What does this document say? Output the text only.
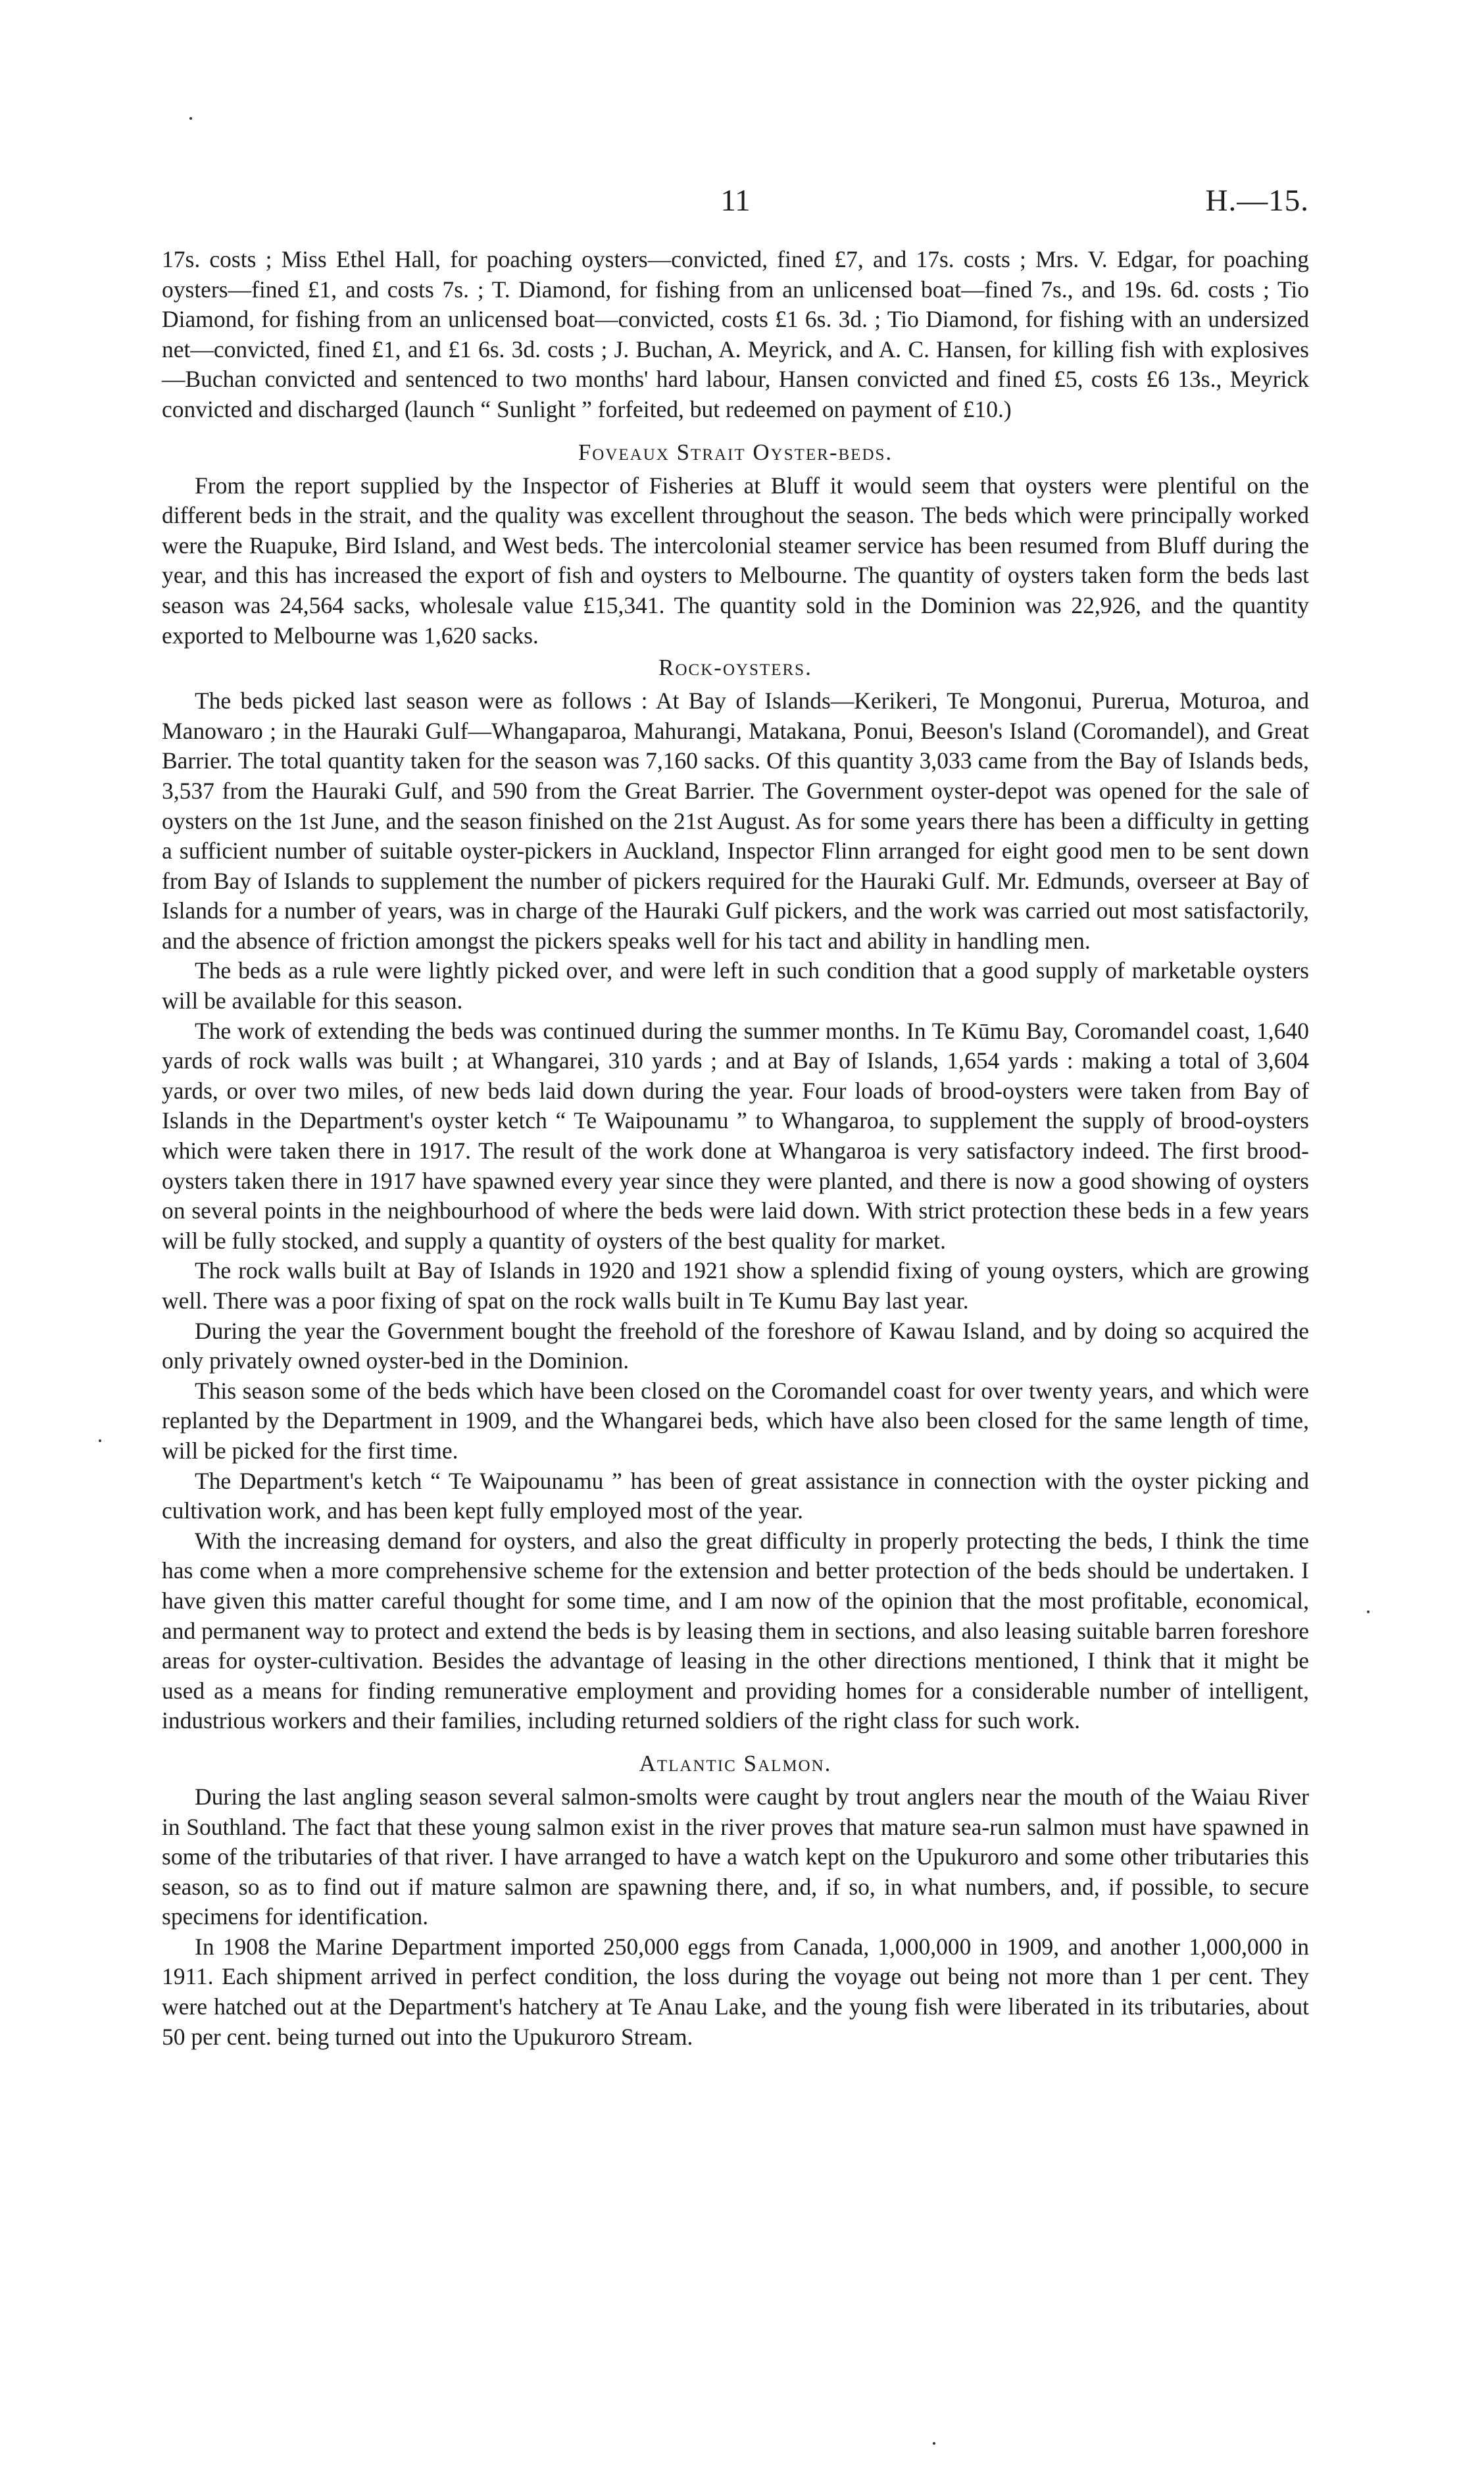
11	H.—15.

17s. costs ; Miss Ethel Hall, for poaching oysters—convicted, fined £7, and 17s. costs ; Mrs. V. Edgar, for poaching oysters—fined £1, and costs 7s. ; T. Diamond, for fishing from an unlicensed boat—fined 7s., and 19s. 6d. costs ; Tio Diamond, for fishing from an unlicensed boat—convicted, costs £1 6s. 3d. ; Tio Diamond, for fishing with an undersized net—convicted, fined £1, and £1 6s. 3d. costs ; J. Buchan, A. Meyrick, and A. C. Hansen, for killing fish with explosives—Buchan convicted and sentenced to two months' hard labour, Hansen convicted and fined £5, costs £6 13s., Meyrick convicted and discharged (launch “ Sunlight ” forfeited, but redeemed on payment of £10.)

Foveaux Strait Oyster-beds.

From the report supplied by the Inspector of Fisheries at Bluff it would seem that oysters were plentiful on the different beds in the strait, and the quality was excellent throughout the season. The beds which were principally worked were the Ruapuke, Bird Island, and West beds. The intercolonial steamer service has been resumed from Bluff during the year, and this has increased the export of fish and oysters to Melbourne. The quantity of oysters taken form the beds last season was 24,564 sacks, wholesale value £15,341. The quantity sold in the Dominion was 22,926, and the quantity exported to Melbourne was 1,620 sacks.

Rock-oysters.

The beds picked last season were as follows : At Bay of Islands—Kerikeri, Te Mongonui, Purerua, Moturoa, and Manowaro ; in the Hauraki Gulf—Whangaparoa, Mahurangi, Matakana, Ponui, Beeson's Island (Coromandel), and Great Barrier. The total quantity taken for the season was 7,160 sacks. Of this quantity 3,033 came from the Bay of Islands beds, 3,537 from the Hauraki Gulf, and 590 from the Great Barrier. The Government oyster-depot was opened for the sale of oysters on the 1st June, and the season finished on the 21st August. As for some years there has been a difficulty in getting a sufficient number of suitable oyster-pickers in Auckland, Inspector Flinn arranged for eight good men to be sent down from Bay of Islands to supplement the number of pickers required for the Hauraki Gulf. Mr. Edmunds, overseer at Bay of Islands for a number of years, was in charge of the Hauraki Gulf pickers, and the work was carried out most satisfactorily, and the absence of friction amongst the pickers speaks well for his tact and ability in handling men.

The beds as a rule were lightly picked over, and were left in such condition that a good supply of marketable oysters will be available for this season.

The work of extending the beds was continued during the summer months. In Te Kūmu Bay, Coromandel coast, 1,640 yards of rock walls was built ; at Whangarei, 310 yards ; and at Bay of Islands, 1,654 yards : making a total of 3,604 yards, or over two miles, of new beds laid down during the year. Four loads of brood-oysters were taken from Bay of Islands in the Department's oyster ketch “ Te Waipounamu ” to Whangaroa, to supplement the supply of brood-oysters which were taken there in 1917. The result of the work done at Whangaroa is very satisfactory indeed. The first brood-oysters taken there in 1917 have spawned every year since they were planted, and there is now a good showing of oysters on several points in the neighbourhood of where the beds were laid down. With strict protection these beds in a few years will be fully stocked, and supply a quantity of oysters of the best quality for market.

The rock walls built at Bay of Islands in 1920 and 1921 show a splendid fixing of young oysters, which are growing well. There was a poor fixing of spat on the rock walls built in Te Kumu Bay last year.

During the year the Government bought the freehold of the foreshore of Kawau Island, and by doing so acquired the only privately owned oyster-bed in the Dominion.

This season some of the beds which have been closed on the Coromandel coast for over twenty years, and which were replanted by the Department in 1909, and the Whangarei beds, which have also been closed for the same length of time, will be picked for the first time.

The Department's ketch “ Te Waipounamu ” has been of great assistance in connection with the oyster picking and cultivation work, and has been kept fully employed most of the year.

With the increasing demand for oysters, and also the great difficulty in properly protecting the beds, I think the time has come when a more comprehensive scheme for the extension and better protection of the beds should be undertaken. I have given this matter careful thought for some time, and I am now of the opinion that the most profitable, economical, and permanent way to protect and extend the beds is by leasing them in sections, and also leasing suitable barren foreshore areas for oyster-cultivation. Besides the advantage of leasing in the other directions mentioned, I think that it might be used as a means for finding remunerative employment and providing homes for a considerable number of intelligent, industrious workers and their families, including returned soldiers of the right class for such work.

Atlantic Salmon.

During the last angling season several salmon-smolts were caught by trout anglers near the mouth of the Waiau River in Southland. The fact that these young salmon exist in the river proves that mature sea-run salmon must have spawned in some of the tributaries of that river. I have arranged to have a watch kept on the Upukuroro and some other tributaries this season, so as to find out if mature salmon are spawning there, and, if so, in what numbers, and, if possible, to secure specimens for identification.

In 1908 the Marine Department imported 250,000 eggs from Canada, 1,000,000 in 1909, and another 1,000,000 in 1911. Each shipment arrived in perfect condition, the loss during the voyage out being not more than 1 per cent. They were hatched out at the Department's hatchery at Te Anau Lake, and the young fish were liberated in its tributaries, about 50 per cent. being turned out into the Upukuroro Stream.
